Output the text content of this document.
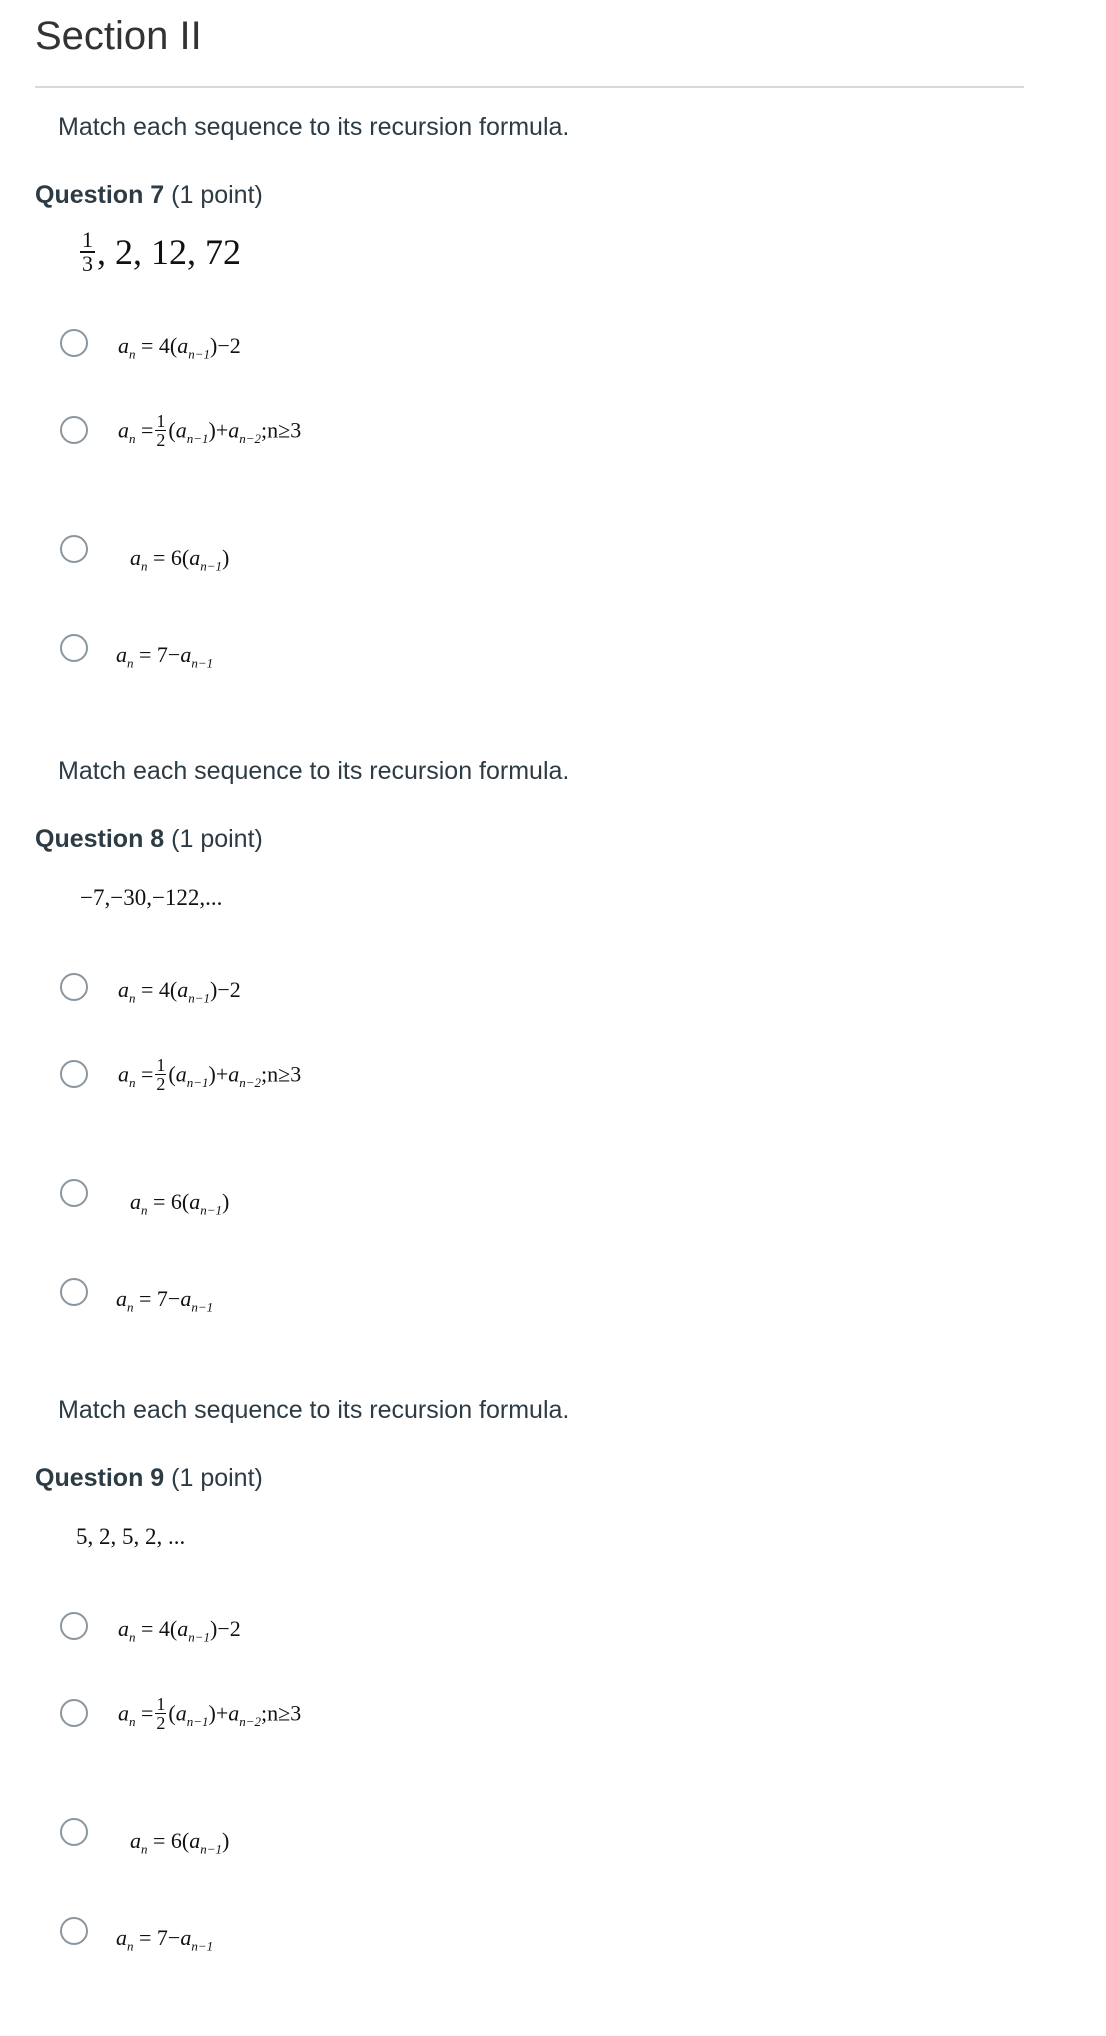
Section II

Match each sequence to its recursion formula.

Question 7 (1 point)
$\frac{1}{3}$ , 2, 12, 72
$a_n = 4(a_{n-1})-2$
$a_n = \frac{1}{2}$ $(a_{n-1})+a_{n-2};n\ge 3$
$a_n = 6(a_{n-1})$
$a_n = 7-a_{n-1}$

Match each sequence to its recursion formula.

Question 8 (1 point)
−7,−30,−122,...
$a_n = 4(a_{n-1})-2$
$a_n = \frac{1}{2}$ $(a_{n-1})+a_{n-2};n\ge 3$
$a_n = 6(a_{n-1})$
$a_n = 7-a_{n-1}$

Match each sequence to its recursion formula.

Question 9 (1 point)
5, 2, 5, 2, ...
$a_n = 4(a_{n-1})-2$
$a_n = \frac{1}{2}$ $(a_{n-1})+a_{n-2};n\ge 3$
$a_n = 6(a_{n-1})$
$a_n = 7-a_{n-1}$
